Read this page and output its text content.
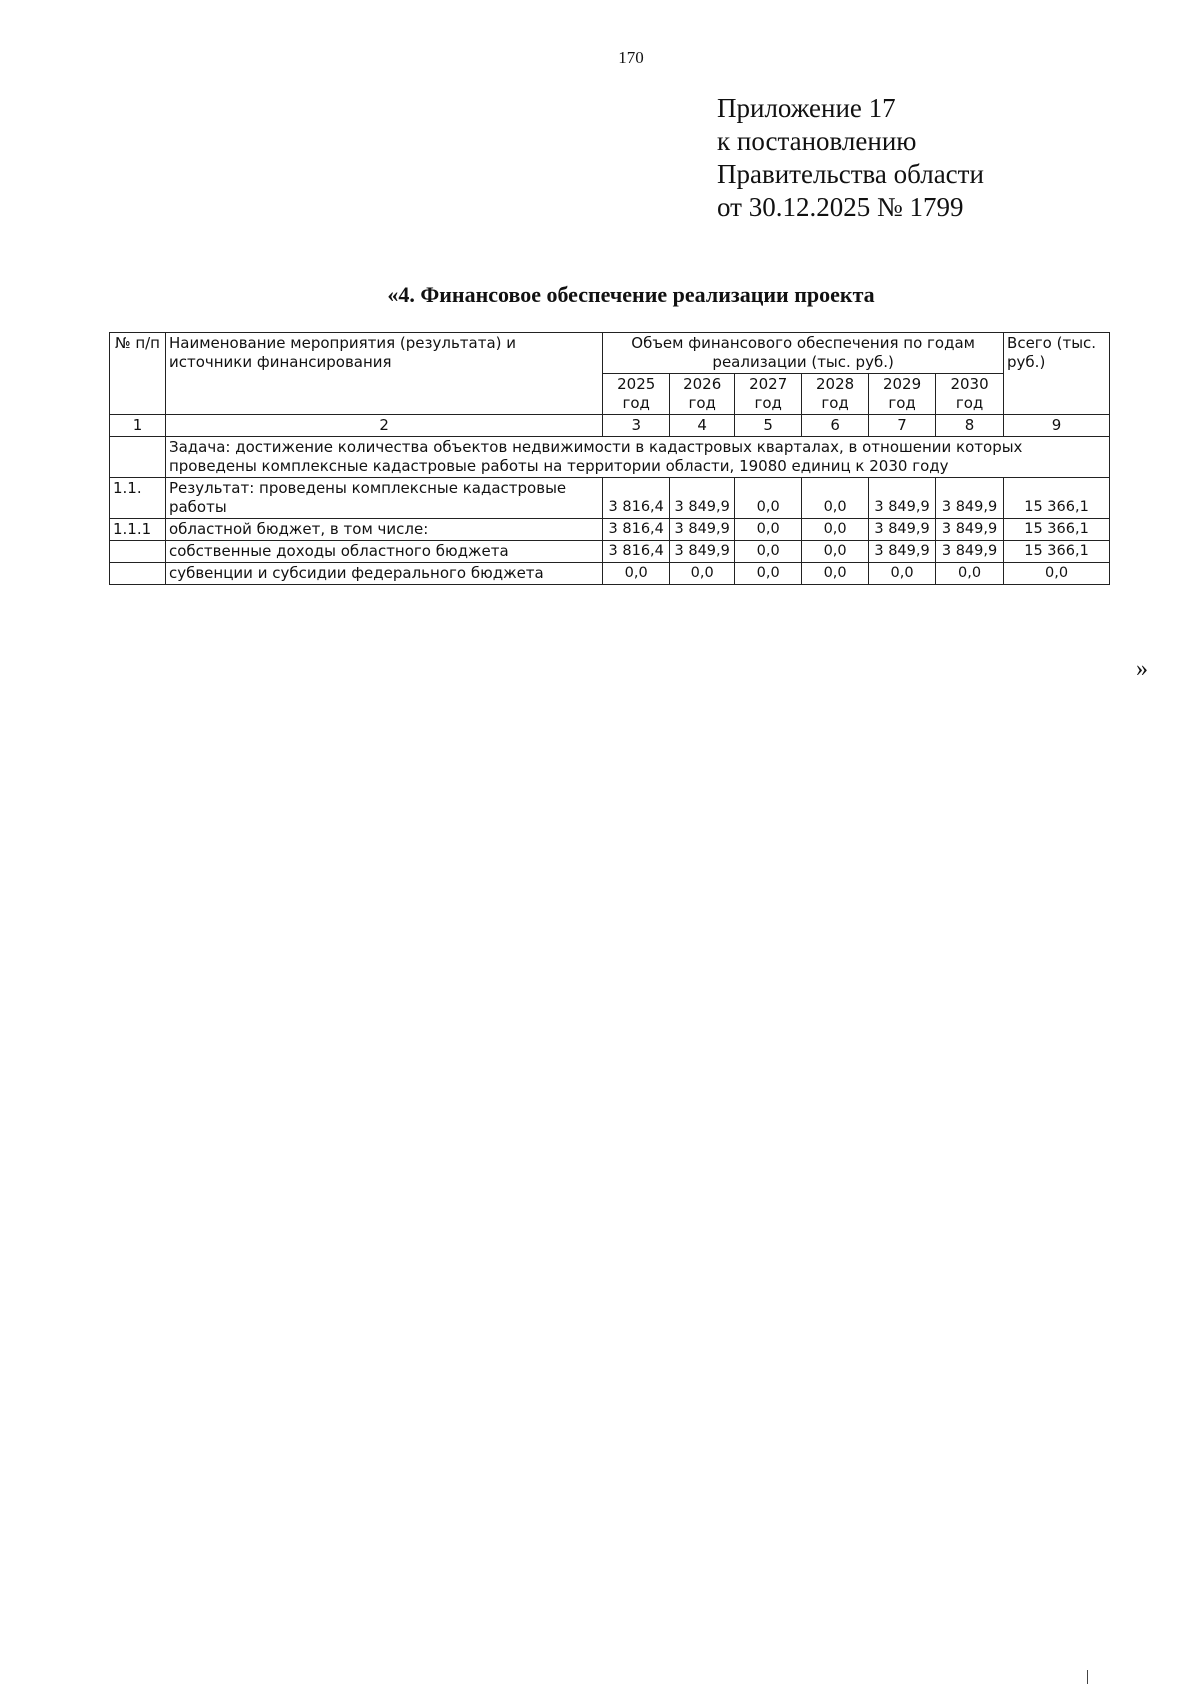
170
Приложение 17
к постановлению
Правительства области
от 30.12.2025 № 1799
«4. Финансовое обеспечение реализации проекта
№ п/п	Наименование мероприятия (результата) и источники финансирования	Объем финансового обеспечения по годам реализации (тыс. руб.)						Всего (тыс. руб.)
		2025 год	2026 год	2027 год	2028 год	2029 год	2030 год	
1	2	3	4	5	6	7	8	9
	Задача: достижение количества объектов недвижимости в кадастровых кварталах, в отношении которых проведены комплексные кадастровые работы на территории области, 19080 единиц к 2030 году							
1.1.	Результат: проведены комплексные кадастровые работы	3 816,4	3 849,9	0,0	0,0	3 849,9	3 849,9	15 366,1
1.1.1	областной бюджет, в том числе:	3 816,4	3 849,9	0,0	0,0	3 849,9	3 849,9	15 366,1
	собственные доходы областного бюджета	3 816,4	3 849,9	0,0	0,0	3 849,9	3 849,9	15 366,1
	субвенции и субсидии федерального бюджета	0,0	0,0	0,0	0,0	0,0	0,0	0,0
»
